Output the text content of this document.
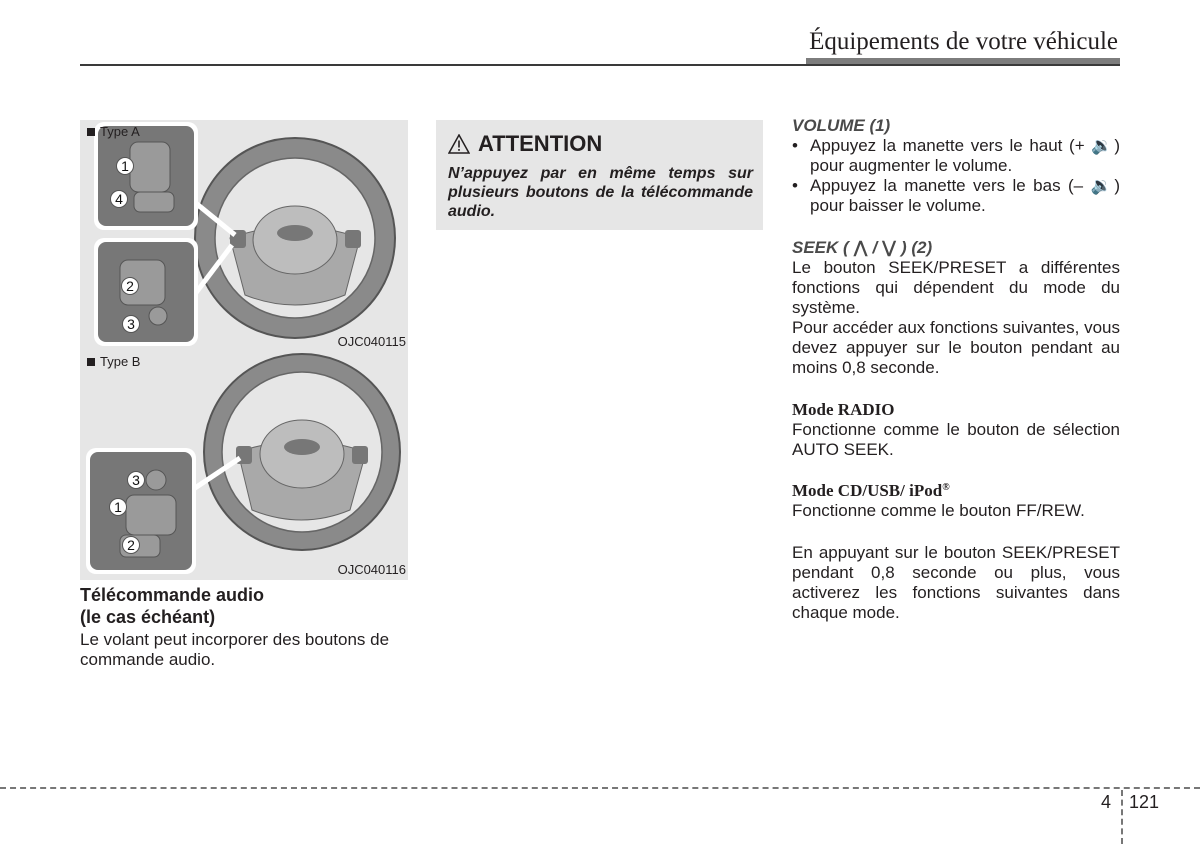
Équipements de votre véhicule
Type A
1
4
2
3
OJC040115
Type B
3
1
2
OJC040116
Télécommande audio
(le cas échéant)
Le volant peut incorporer des boutons de commande audio.
ATTENTION
N’appuyez par en même temps sur plusieurs boutons de la télécommande audio.
VOLUME (1)
• Appuyez la manette vers le haut (+ 🔉) pour augmenter le volume.
• Appuyez la manette vers le bas (– 🔉) pour baisser le volume.
SEEK ( ⋀ / ⋁ ) (2)
Le bouton SEEK/PRESET a différentes fonctions qui dépendent du mode du système.
Pour accéder aux fonctions suivantes, vous devez appuyer sur le bouton pendant au moins 0,8 seconde.
Mode RADIO
Fonctionne comme le bouton de sélection AUTO SEEK.
Mode CD/USB/ iPod®
Fonctionne comme le bouton FF/REW.
En appuyant sur le bouton SEEK/PRESET pendant 0,8 seconde ou plus, vous activerez les fonctions suivantes dans chaque mode.
4 121
